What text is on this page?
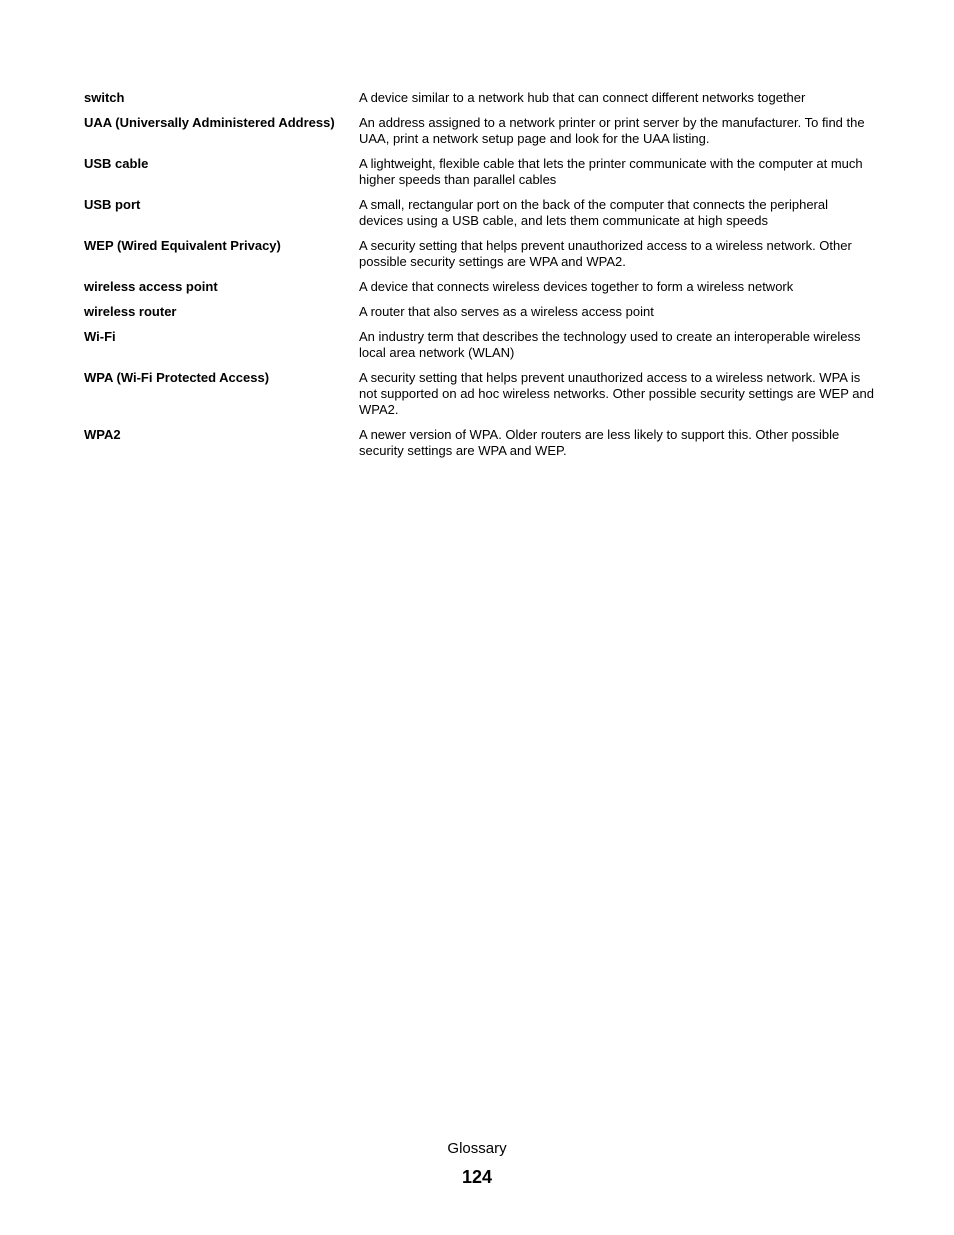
switch	A device similar to a network hub that can connect different networks together
UAA (Universally Administered Address)	An address assigned to a network printer or print server by the manufacturer. To find the UAA, print a network setup page and look for the UAA listing.
USB cable	A lightweight, flexible cable that lets the printer communicate with the computer at much higher speeds than parallel cables
USB port	A small, rectangular port on the back of the computer that connects the peripheral devices using a USB cable, and lets them communicate at high speeds
WEP (Wired Equivalent Privacy)	A security setting that helps prevent unauthorized access to a wireless network. Other possible security settings are WPA and WPA2.
wireless access point	A device that connects wireless devices together to form a wireless network
wireless router	A router that also serves as a wireless access point
Wi-Fi	An industry term that describes the technology used to create an interoperable wireless local area network (WLAN)
WPA (Wi-Fi Protected Access)	A security setting that helps prevent unauthorized access to a wireless network. WPA is not supported on ad hoc wireless networks. Other possible security settings are WEP and WPA2.
WPA2	A newer version of WPA. Older routers are less likely to support this. Other possible security settings are WPA and WEP.
Glossary
124
